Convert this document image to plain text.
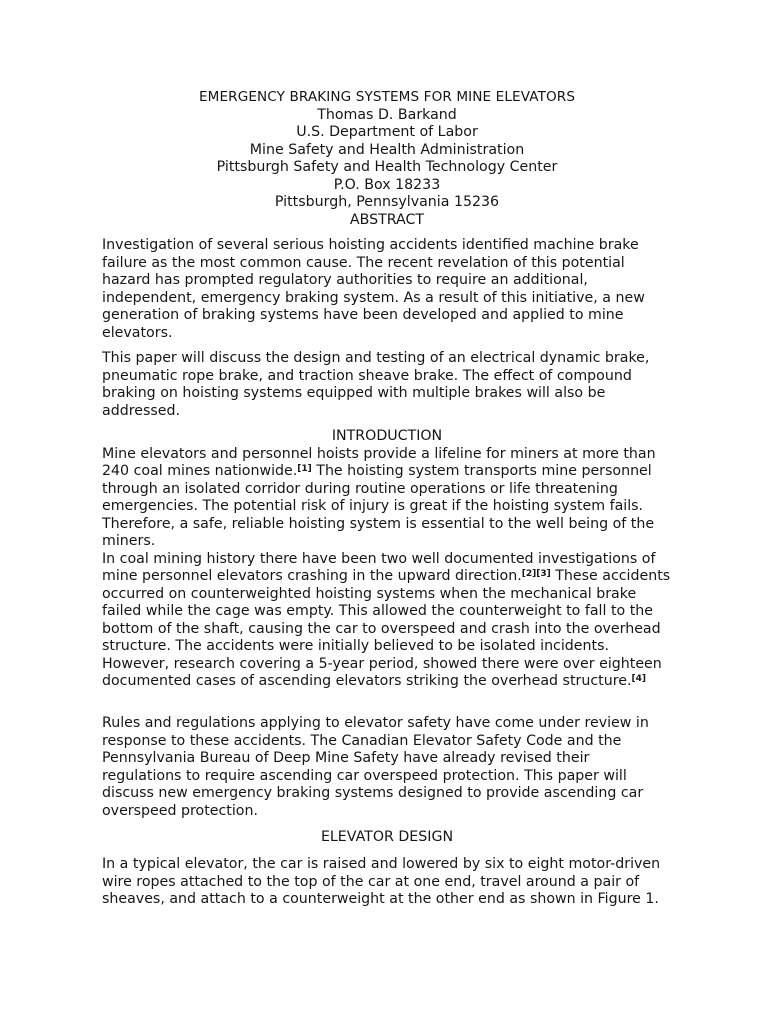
EMERGENCY BRAKING SYSTEMS FOR MINE ELEVATORS
Thomas D. Barkand
U.S. Department of Labor
Mine Safety and Health Administration
Pittsburgh Safety and Health Technology Center
P.O. Box 18233
Pittsburgh, Pennsylvania 15236
ABSTRACT

Investigation of several serious hoisting accidents identified machine brake failure as the most common cause. The recent revelation of this potential hazard has prompted regulatory authorities to require an additional, independent, emergency braking system. As a result of this initiative, a new generation of braking systems have been developed and applied to mine elevators.

This paper will discuss the design and testing of an electrical dynamic brake, pneumatic rope brake, and traction sheave brake. The effect of compound braking on hoisting systems equipped with multiple brakes will also be addressed.

INTRODUCTION

Mine elevators and personnel hoists provide a lifeline for miners at more than 240 coal mines nationwide.[1] The hoisting system transports mine personnel through an isolated corridor during routine operations or life threatening emergencies. The potential risk of injury is great if the hoisting system fails. Therefore, a safe, reliable hoisting system is essential to the well being of the miners.

In coal mining history there have been two well documented investigations of mine personnel elevators crashing in the upward direction.[2][3] These accidents occurred on counterweighted hoisting systems when the mechanical brake failed while the cage was empty. This allowed the counterweight to fall to the bottom of the shaft, causing the car to overspeed and crash into the overhead structure. The accidents were initially believed to be isolated incidents. However, research covering a 5-year period, showed there were over eighteen documented cases of ascending elevators striking the overhead structure.[4]

Rules and regulations applying to elevator safety have come under review in response to these accidents. The Canadian Elevator Safety Code and the Pennsylvania Bureau of Deep Mine Safety have already revised their regulations to require ascending car overspeed protection. This paper will discuss new emergency braking systems designed to provide ascending car overspeed protection.

ELEVATOR DESIGN

In a typical elevator, the car is raised and lowered by six to eight motor-driven wire ropes attached to the top of the car at one end, travel around a pair of sheaves, and attach to a counterweight at the other end as shown in Figure 1.
